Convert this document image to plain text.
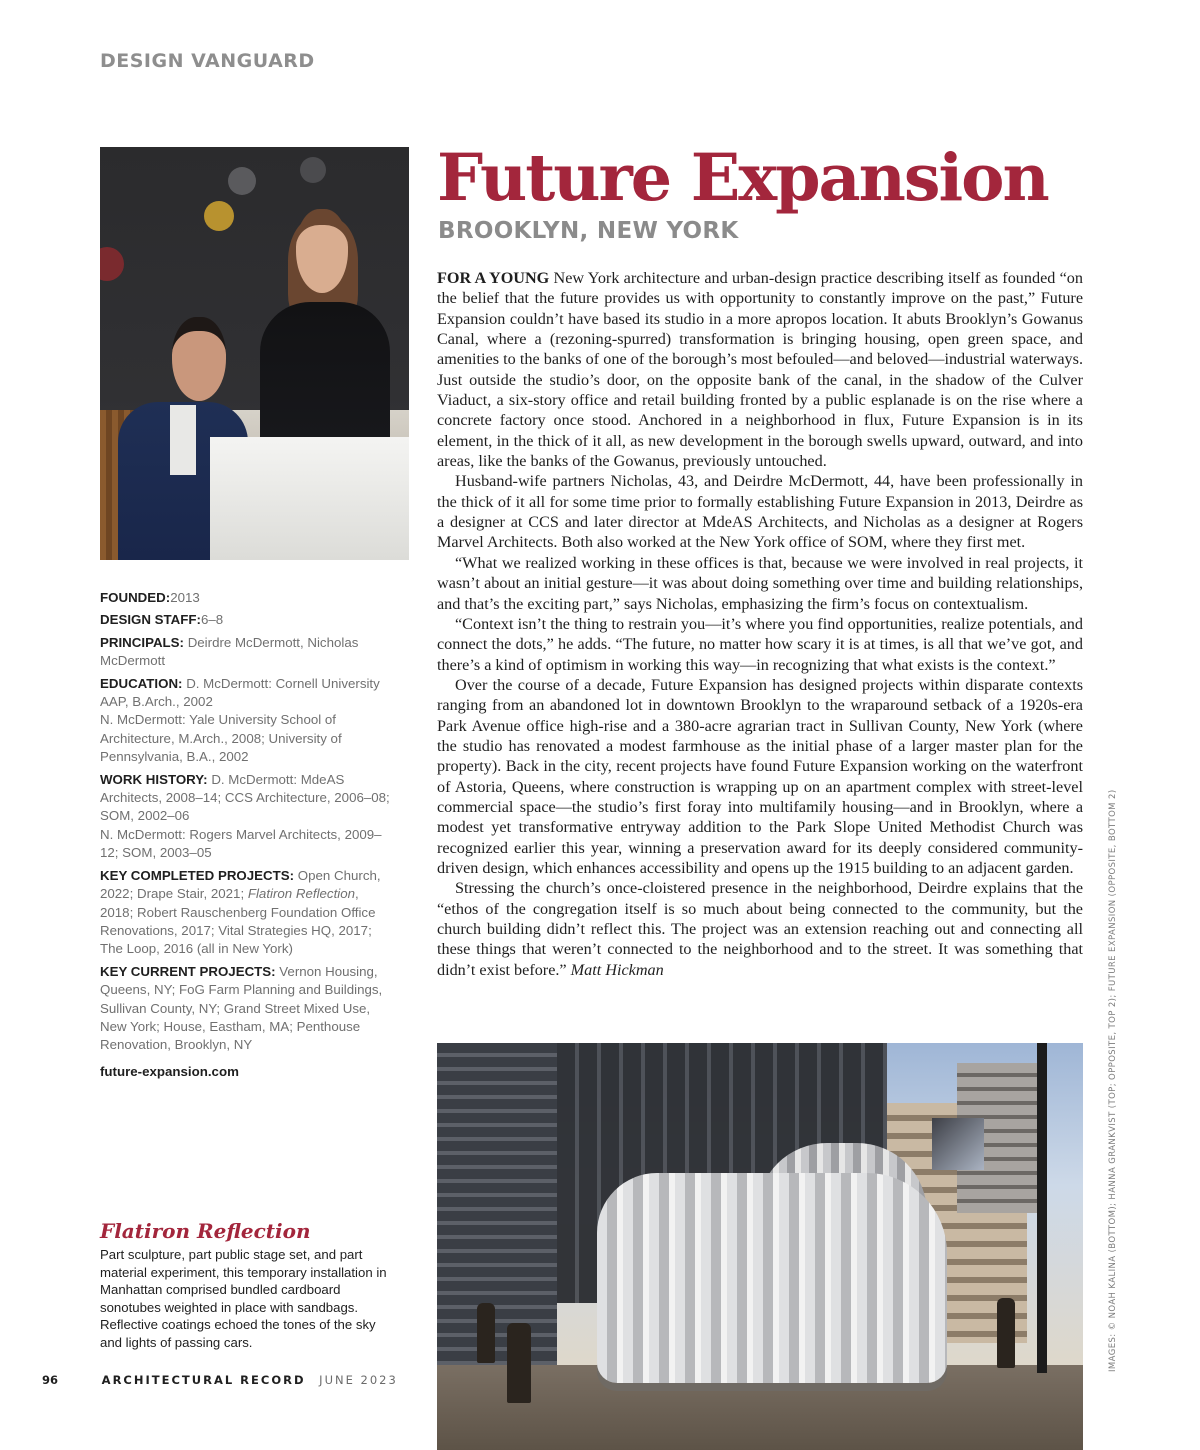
DESIGN VANGUARD

FOUNDED:2013

DESIGN STAFF:6–8

PRINCIPALS: Deirdre McDermott, Nicholas McDermott

EDUCATION: D. McDermott: Cornell University AAP, B.Arch., 2002
N. McDermott: Yale University School of Architecture, M.Arch., 2008; University of Pennsylvania, B.A., 2002

WORK HISTORY: D. McDermott: MdeAS Architects, 2008–14; CCS Architecture, 2006–08; SOM, 2002–06
N. McDermott: Rogers Marvel Architects, 2009–12; SOM, 2003–05

KEY COMPLETED PROJECTS: Open Church, 2022; Drape Stair, 2021; Flatiron Reflection, 2018; Robert Rauschenberg Foundation Office Renovations, 2017; Vital Strategies HQ, 2017; The Loop, 2016 (all in New York)

KEY CURRENT PROJECTS: Vernon Housing, Queens, NY; FoG Farm Planning and Buildings, Sullivan County, NY; Grand Street Mixed Use, New York; House, Eastham, MA; Penthouse Renovation, Brooklyn, NY

future-expansion.com

Flatiron Reflection
Part sculpture, part public stage set, and part material experiment, this temporary installation in Manhattan comprised bundled cardboard sonotubes weighted in place with sandbags. Reflective coatings echoed the tones of the sky and lights of passing cars.
Future Expansion
BROOKLYN, NEW YORK

FOR A YOUNG New York architecture and urban-design practice describing itself as founded “on the belief that the future provides us with opportunity to constantly improve on the past,” Future Expansion couldn’t have based its studio in a more apropos location. It abuts Brooklyn’s Gowanus Canal, where a (rezoning-spurred) transformation is bringing housing, open green space, and amenities to the banks of one of the borough’s most befouled—and beloved—industrial waterways. Just outside the studio’s door, on the opposite bank of the canal, in the shadow of the Culver Viaduct, a six-story office and retail building fronted by a public esplanade is on the rise where a concrete factory once stood. Anchored in a neighborhood in flux, Future Expansion is in its element, in the thick of it all, as new development in the borough swells upward, outward, and into areas, like the banks of the Gowanus, previously untouched.

Husband-wife partners Nicholas, 43, and Deirdre McDermott, 44, have been professionally in the thick of it all for some time prior to formally establishing Future Expansion in 2013, Deirdre as a designer at CCS and later director at MdeAS Architects, and Nicholas as a designer at Rogers Marvel Architects. Both also worked at the New York office of SOM, where they first met.

“What we realized working in these offices is that, because we were involved in real projects, it wasn’t about an initial gesture—it was about doing something over time and building relationships, and that’s the exciting part,” says Nicholas, emphasizing the firm’s focus on contextualism.

“Context isn’t the thing to restrain you—it’s where you find opportunities, realize potentials, and connect the dots,” he adds. “The future, no matter how scary it is at times, is all that we’ve got, and there’s a kind of optimism in working this way—in recognizing that what exists is the context.”

Over the course of a decade, Future Expansion has designed projects within disparate contexts ranging from an abandoned lot in downtown Brooklyn to the wraparound setback of a 1920s-era Park Avenue office high-rise and a 380-acre agrarian tract in Sullivan County, New York (where the studio has renovated a modest farmhouse as the initial phase of a larger master plan for the property). Back in the city, recent projects have found Future Expansion working on the waterfront of Astoria, Queens, where construction is wrapping up on an apartment complex with street-level commercial space—the studio’s first foray into multifamily housing—and in Brooklyn, where a modest yet transformative entryway addition to the Park Slope United Methodist Church was recognized earlier this year, winning a preservation award for its deeply considered community-driven design, which enhances accessibility and opens up the 1915 building to an adjacent garden.

Stressing the church’s once-cloistered presence in the neighborhood, Deirdre explains that the “ethos of the congregation itself is so much about being connected to the community, but the church building didn’t reflect this. The project was an extension reaching out and connecting all these things that weren’t connected to the neighborhood and to the street. It was something that didn’t exist before.” Matt Hickman

96	ARCHITECTURAL RECORD JUNE 2023
IMAGES: © NOAH KALINA (BOTTOM); HANNA GRANKVIST (TOP; OPPOSITE, TOP 2); FUTURE EXPANSION (OPPOSITE, BOTTOM 2)
